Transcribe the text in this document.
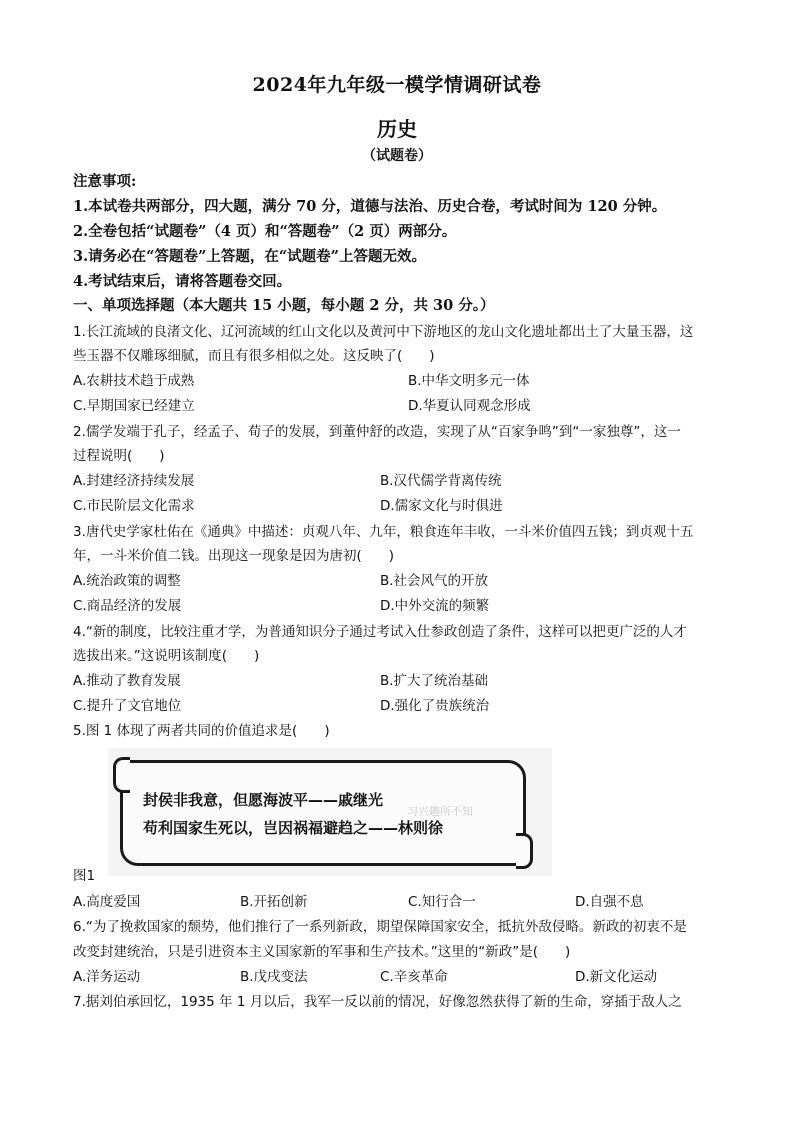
2024年九年级一模学情调研试卷
历史
（试题卷）
注意事项:
1.本试卷共两部分，四大题，满分 70 分，道德与法治、历史合卷，考试时间为 120 分钟。
2.全卷包括“试题卷”（4 页）和“答题卷”（2 页）两部分。
3.请务必在“答题卷”上答题，在“试题卷”上答题无效。
4.考试结束后，请将答题卷交回。
一、单项选择题（本大题共 15 小题，每小题 2 分，共 30 分。）
1.长江流域的良渚文化、辽河流域的红山文化以及黄河中下游地区的龙山文化遗址都出土了大量玉器，这
些玉器不仅雕琢细腻，而且有很多相似之处。这反映了(　　)
A.农耕技术趋于成熟	B.中华文明多元一体
C.早期国家已经建立	D.华夏认同观念形成
2.儒学发端于孔子，经孟子、荀子的发展，到董仲舒的改造，实现了从“百家争鸣”到“一家独尊”，这一
过程说明(　　)
A.封建经济持续发展	B.汉代儒学背离传统
C.市民阶层文化需求	D.儒家文化与时俱进
3.唐代史学家杜佑在《通典》中描述：贞观八年、九年，粮食连年丰收，一斗米价值四五钱；到贞观十五
年，一斗米价值二钱。出现这一现象是因为唐初(　　)
A.统治政策的调整	B.社会风气的开放
C.商品经济的发展	D.中外交流的频繁
4.“新的制度，比较注重才学，为普通知识分子通过考试入仕参政创造了条件，这样可以把更广泛的人才
选拔出来。”这说明该制度(　　)
A.推动了教育发展	B.扩大了统治基础
C.提升了文官地位	D.强化了贵族统治
5.图 1 体现了两者共同的价值追求是(　　)
封侯非我意，但愿海波平——戚继光
苟利国家生死以，岂因祸福避趋之——林则徐
习兴趣所不知
图1
A.高度爱国	B.开拓创新	C.知行合一	D.自强不息
6.“为了挽救国家的颓势，他们推行了一系列新政，期望保障国家安全，抵抗外敌侵略。新政的初衷不是
改变封建统治，只是引进资本主义国家新的军事和生产技术。”这里的“新政”是(　　)
A.洋务运动	B.戊戌变法	C.辛亥革命	D.新文化运动
7.据刘伯承回忆，1935 年 1 月以后，我军一反以前的情况，好像忽然获得了新的生命，穿插于敌人之
